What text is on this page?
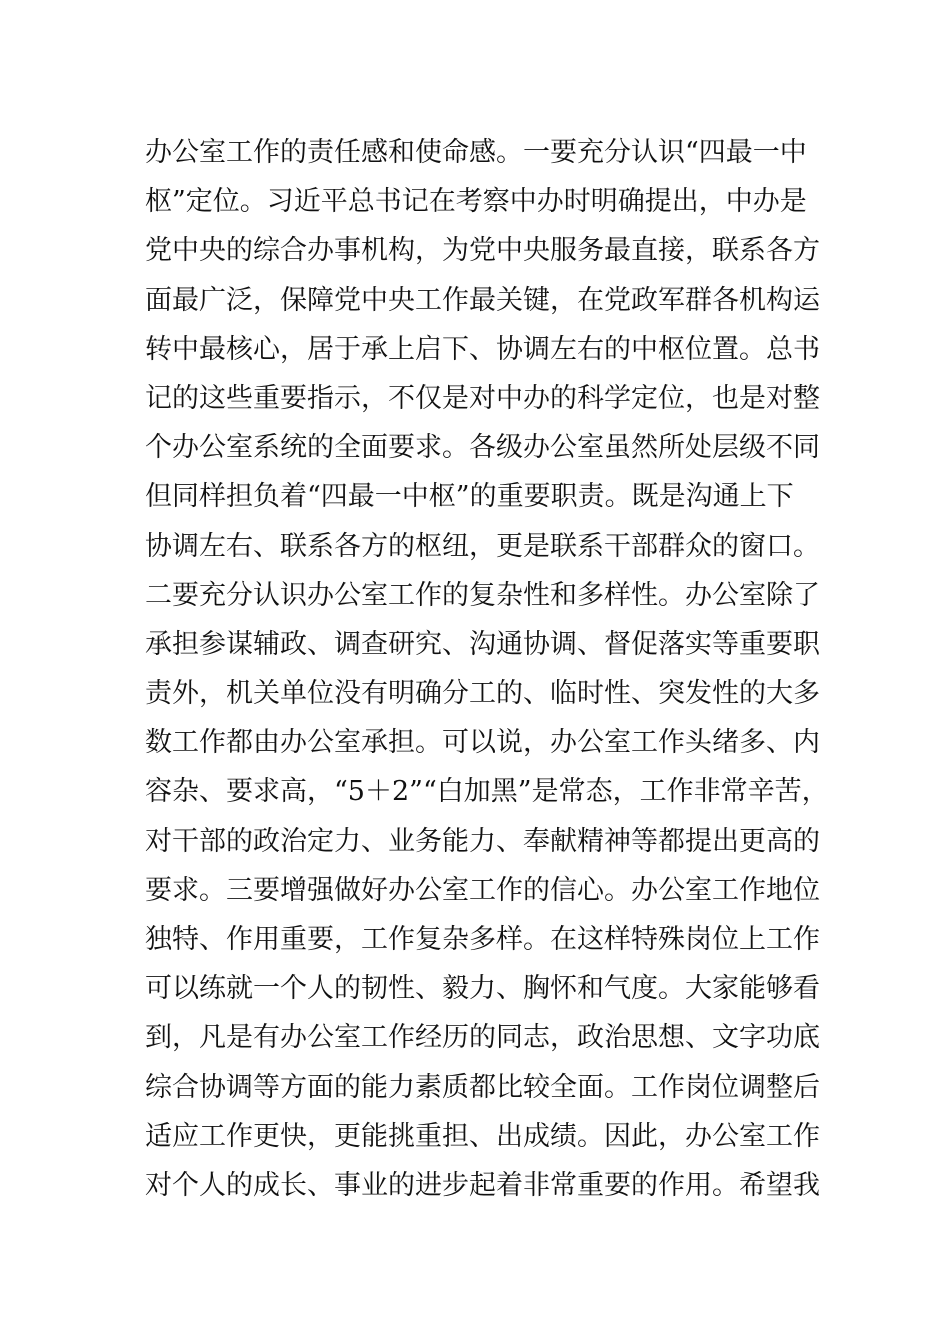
办公室工作的责任感和使命感。一要充分认识“四最一中
枢”定位。习近平总书记在考察中办时明确提出，中办是
党中央的综合办事机构，为党中央服务最直接，联系各方
面最广泛，保障党中央工作最关键，在党政军群各机构运
转中最核心，居于承上启下、协调左右的中枢位置。总书
记的这些重要指示，不仅是对中办的科学定位，也是对整
个办公室系统的全面要求。各级办公室虽然所处层级不同
但同样担负着“四最一中枢”的重要职责。既是沟通上下
协调左右、联系各方的枢纽，更是联系干部群众的窗口。
二要充分认识办公室工作的复杂性和多样性。办公室除了
承担参谋辅政、调查研究、沟通协调、督促落实等重要职
责外，机关单位没有明确分工的、临时性、突发性的大多
数工作都由办公室承担。可以说，办公室工作头绪多、内
容杂、要求高，“5＋2”“白加黑”是常态，工作非常辛苦，
对干部的政治定力、业务能力、奉献精神等都提出更高的
要求。三要增强做好办公室工作的信心。办公室工作地位
独特、作用重要，工作复杂多样。在这样特殊岗位上工作
可以练就一个人的韧性、毅力、胸怀和气度。大家能够看
到，凡是有办公室工作经历的同志，政治思想、文字功底
综合协调等方面的能力素质都比较全面。工作岗位调整后
适应工作更快，更能挑重担、出成绩。因此，办公室工作
对个人的成长、事业的进步起着非常重要的作用。希望我
